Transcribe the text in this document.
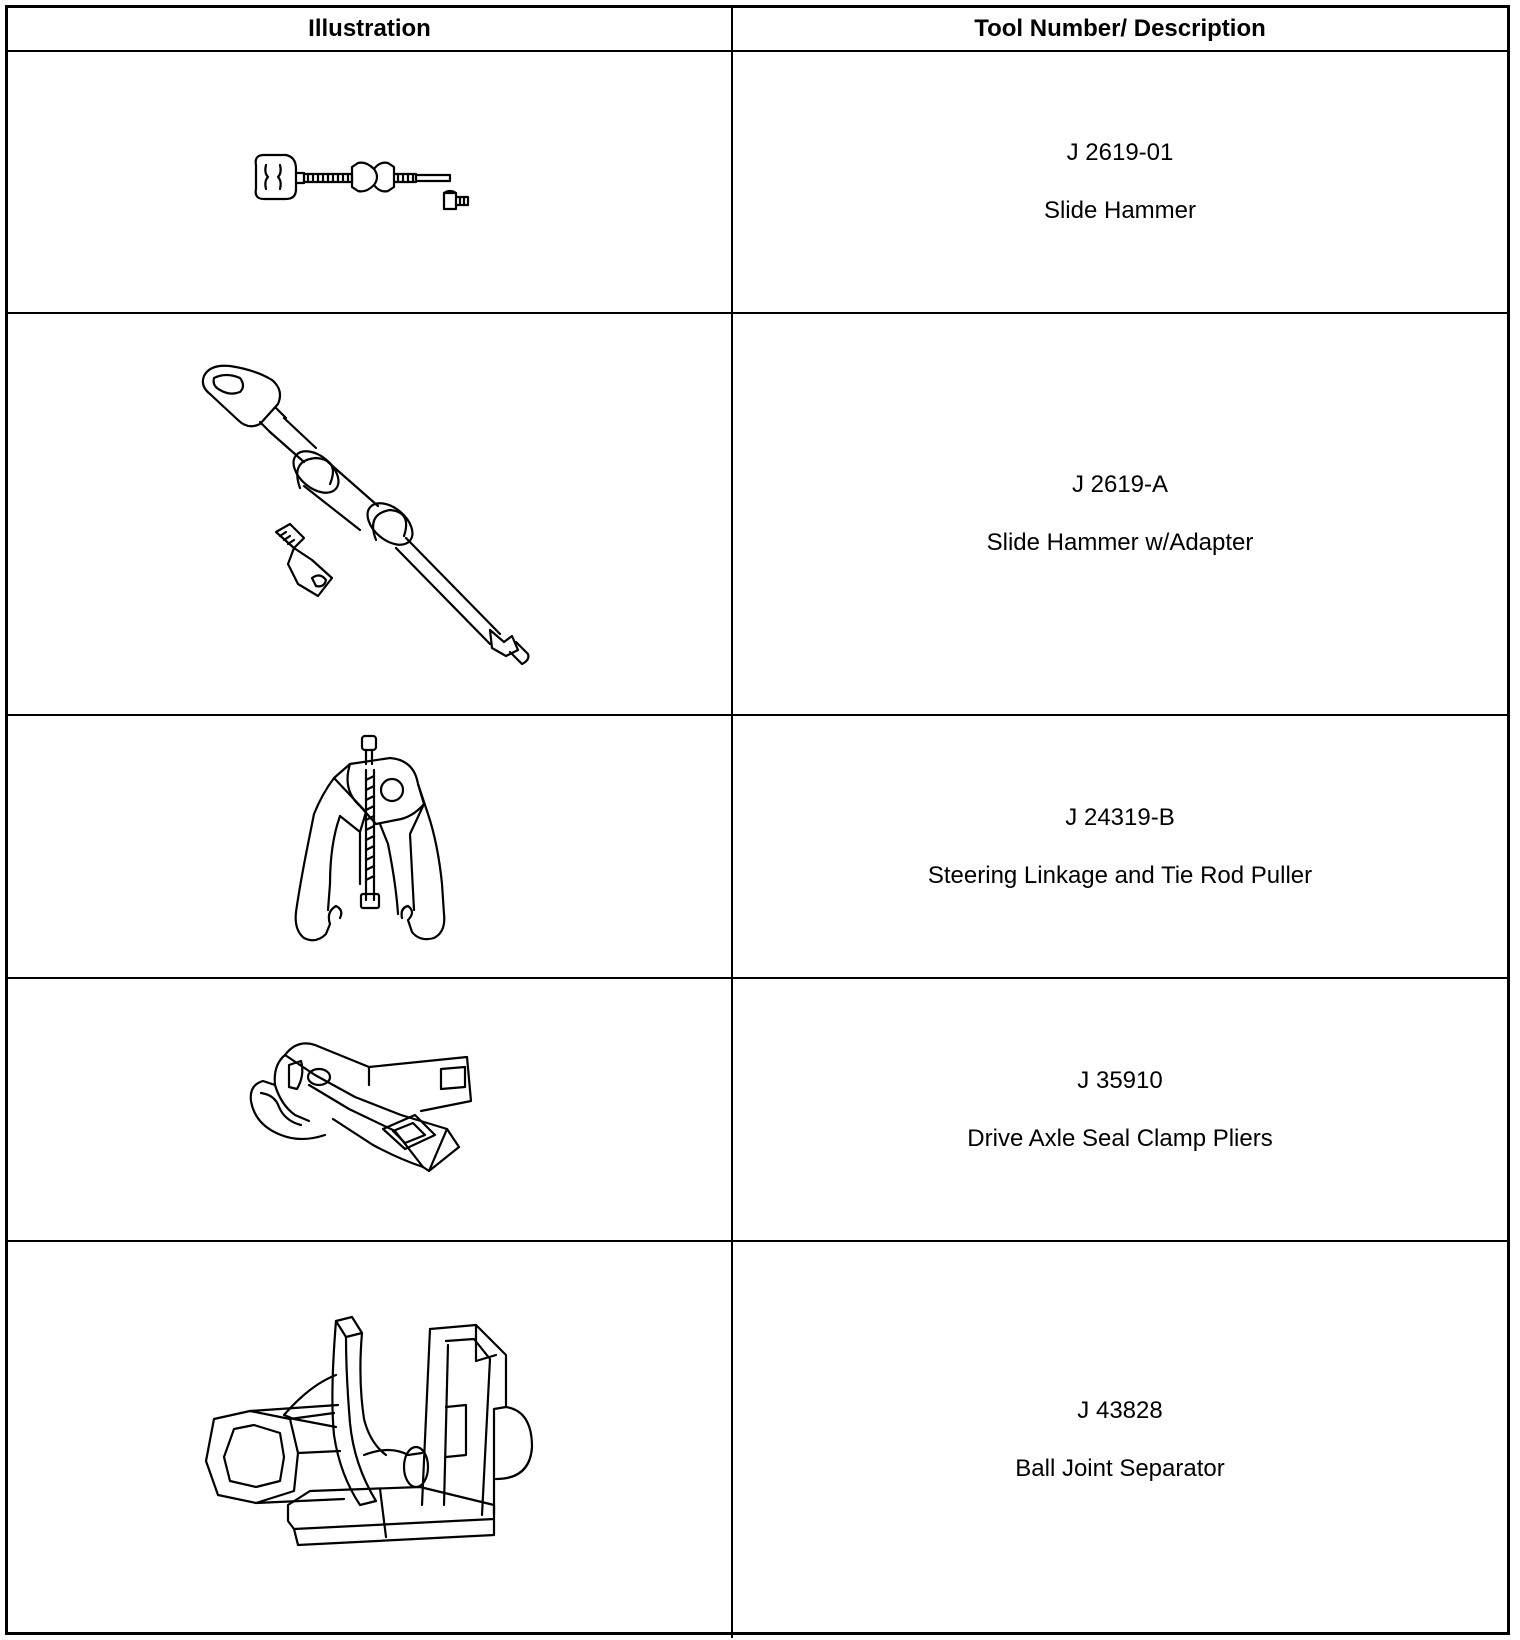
Illustration	Tool Number/ Description
J 2619-01
Slide Hammer
J 2619-A
Slide Hammer w/Adapter
J 24319-B
Steering Linkage and Tie Rod Puller
J 35910
Drive Axle Seal Clamp Pliers
J 43828
Ball Joint Separator
